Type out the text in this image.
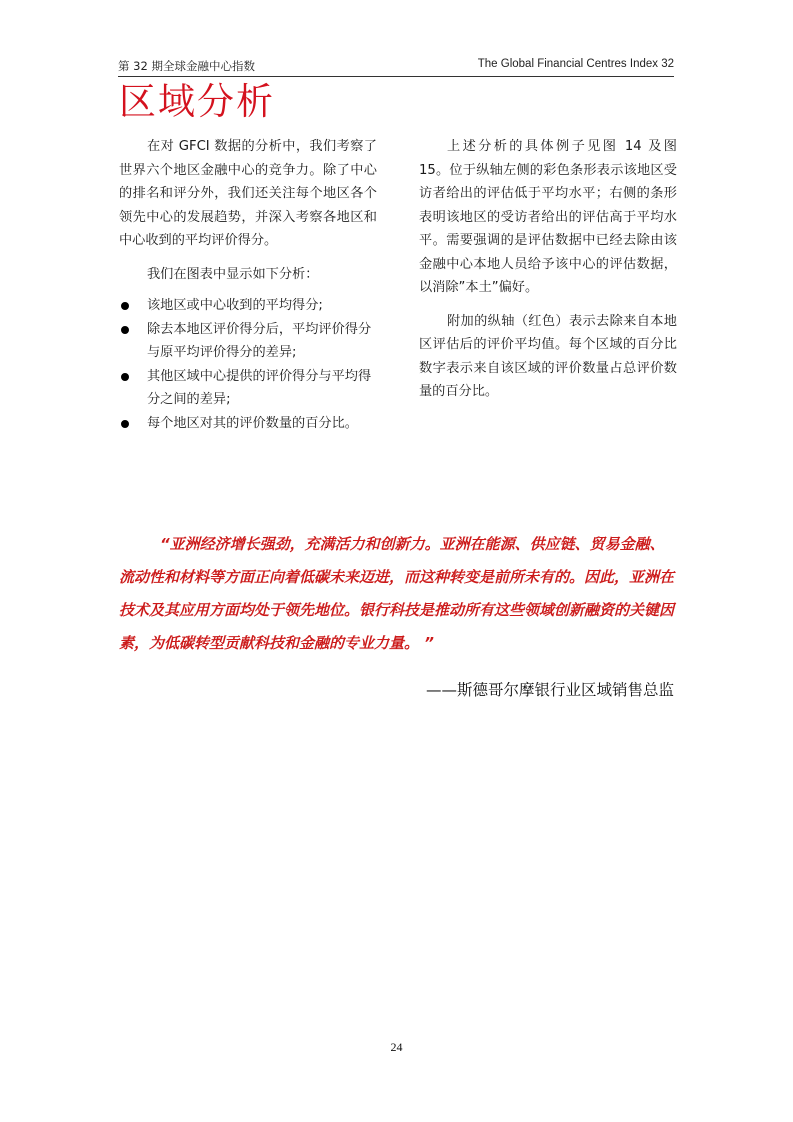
第 32 期全球金融中心指数	The Global Financial Centres Index 32
区域分析

在对 GFCI 数据的分析中，我们考察了世界六个地区金融中心的竞争力。除了中心的排名和评分外，我们还关注每个地区各个领先中心的发展趋势，并深入考察各地区和中心收到的平均评价得分。

我们在图表中显示如下分析：

该地区或中心收到的平均得分;
除去本地区评价得分后，平均评价得分与原平均评价得分的差异;
其他区域中心提供的评价得分与平均得分之间的差异;
每个地区对其的评价数量的百分比。

上述分析的具体例子见图 14 及图 15。位于纵轴左侧的彩色条形表示该地区受访者给出的评估低于平均水平；右侧的条形表明该地区的受访者给出的评估高于平均水平。需要强调的是评估数据中已经去除由该金融中心本地人员给予该中心的评估数据，以消除”本土”偏好。

附加的纵轴（红色）表示去除来自本地区评估后的评价平均值。每个区域的百分比数字表示来自该区域的评价数量占总评价数量的百分比。

“亚洲经济增长强劲，充满活力和创新力。亚洲在能源、供应链、贸易金融、流动性和材料等方面正向着低碳未来迈进，而这种转变是前所未有的。因此，亚洲在技术及其应用方面均处于领先地位。银行科技是推动所有这些领域创新融资的关键因素，为低碳转型贡献科技和金融的专业力量。 ”
——斯德哥尔摩银行业区域销售总监
24
